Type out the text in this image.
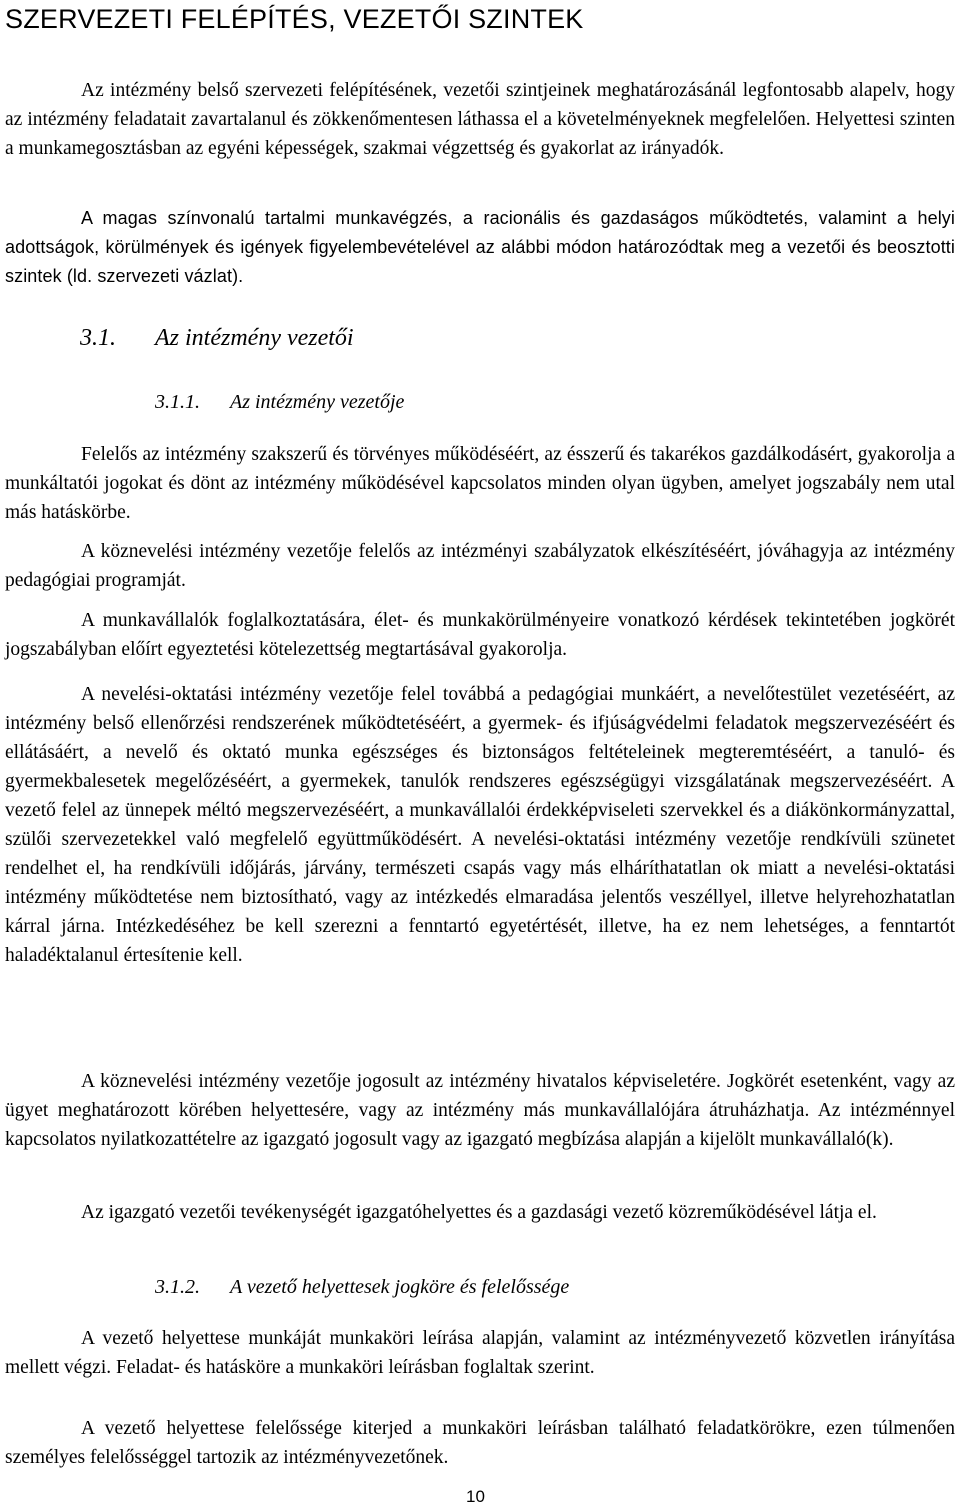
SZERVEZETI FELÉPÍTÉS, VEZETŐI SZINTEK

Az intézmény belső szervezeti felépítésének, vezetői szintjeinek meghatározásánál legfontosabb alapelv, hogy az intézmény feladatait zavartalanul és zökkenőmentesen láthassa el a követelményeknek megfelelően. Helyettesi szinten a munkamegosztásban az egyéni képességek, szakmai végzettség és gyakorlat az irányadók.

A magas színvonalú tartalmi munkavégzés, a racionális és gazdaságos működtetés, valamint a helyi adottságok, körülmények és igények figyelembevételével az alábbi módon határozódtak meg a vezetői és beosztotti szintek (ld. szervezeti vázlat).

3.1. Az intézmény vezetői
3.1.1. Az intézmény vezetője

Felelős az intézmény szakszerű és törvényes működéséért, az ésszerű és takarékos gazdálkodásért, gyakorolja a munkáltatói jogokat és dönt az intézmény működésével kapcsolatos minden olyan ügyben, amelyet jogszabály nem utal más hatáskörbe.

A köznevelési intézmény vezetője felelős az intézményi szabályzatok elkészítéséért, jóváhagyja az intézmény pedagógiai programját.

A munkavállalók foglalkoztatására, élet- és munkakörülményeire vonatkozó kérdések tekintetében jogkörét jogszabályban előírt egyeztetési kötelezettség megtartásával gyakorolja.

A nevelési-oktatási intézmény vezetője felel továbbá a pedagógiai munkáért, a nevelőtestület vezetéséért, az intézmény belső ellenőrzési rendszerének működtetéséért, a gyermek- és ifjúságvédelmi feladatok megszervezéséért és ellátásáért, a nevelő és oktató munka egészséges és biztonságos feltételeinek megteremtéséért, a tanuló- és gyermekbalesetek megelőzéséért, a gyermekek, tanulók rendszeres egészségügyi vizsgálatának megszervezéséért. A vezető felel az ünnepek méltó megszervezéséért, a munkavállalói érdekképviseleti szervekkel és a diákönkormányzattal, szülői szervezetekkel való megfelelő együttműködésért. A nevelési-oktatási intézmény vezetője rendkívüli szünetet rendelhet el, ha rendkívüli időjárás, járvány, természeti csapás vagy más elháríthatatlan ok miatt a nevelési-oktatási intézmény működtetése nem biztosítható, vagy az intézkedés elmaradása jelentős veszéllyel, illetve helyrehozhatatlan kárral járna. Intézkedéséhez be kell szerezni a fenntartó egyetértését, illetve, ha ez nem lehetséges, a fenntartót haladéktalanul értesítenie kell.

A köznevelési intézmény vezetője jogosult az intézmény hivatalos képviseletére. Jogkörét esetenként, vagy az ügyet meghatározott körében helyettesére, vagy az intézmény más munkavállalójára átruházhatja. Az intézménnyel kapcsolatos nyilatkozattételre az igazgató jogosult vagy az igazgató megbízása alapján a kijelölt munkavállaló(k).

Az igazgató vezetői tevékenységét igazgatóhelyettes és a gazdasági vezető közreműködésével látja el.

3.1.2. A vezető helyettesek jogköre és felelőssége

A vezető helyettese munkáját munkaköri leírása alapján, valamint az intézményvezető közvetlen irányítása mellett végzi. Feladat- és hatásköre a munkaköri leírásban foglaltak szerint.

A vezető helyettese felelőssége kiterjed a munkaköri leírásban található feladatkörökre, ezen túlmenően személyes felelősséggel tartozik az intézményvezetőnek.

10
